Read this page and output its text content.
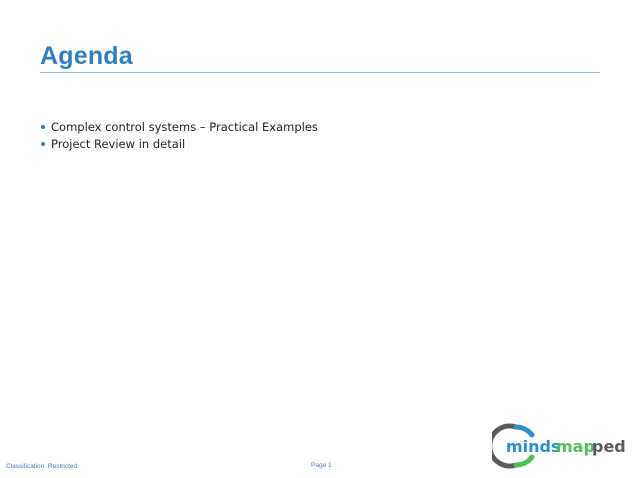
Agenda
Complex control systems – Practical Examples
Project Review in detail
Classification: Restricted	Page 1
minds
map
ped
